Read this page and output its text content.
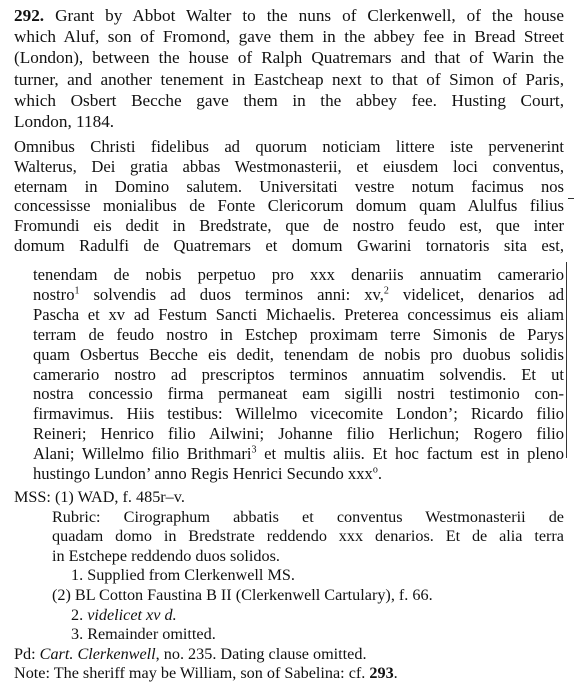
292. Grant by Abbot Walter to the nuns of Clerkenwell, of the house
which Aluf, son of Fromond, gave them in the abbey fee in Bread Street
(London), between the house of Ralph Quatremars and that of Warin the
turner, and another tenement in Eastcheap next to that of Simon of Paris,
which Osbert Becche gave them in the abbey fee. Husting Court,
London, 1184.

Omnibus Christi fidelibus ad quorum noticiam littere iste pervenerint
Walterus, Dei gratia abbas Westmonasterii, et eiusdem loci conventus,
eternam in Domino salutem. Universitati vestre notum facimus nos
concessisse monialibus de Fonte Clericorum domum quam Alulfus filius
Fromundi eis dedit in Bredstrate, que de nostro feudo est, que inter
domum Radulfi de Quatremars et domum Gwarini tornatoris sita est,

tenendam de nobis perpetuo pro xxx denariis annuatim camerario
nostro$^1$ solvendis ad duos terminos anni: xv,$^2$ videlicet, denarios ad
Pascha et xv ad Festum Sancti Michaelis. Preterea concessimus eis aliam
terram de feudo nostro in Estchep proximam terre Simonis de Parys
quam Osbertus Becche eis dedit, tenendam de nobis pro duobus solidis
camerario nostro ad prescriptos terminos annuatim solvendis. Et ut
nostra concessio firma permaneat eam sigilli nostri testimonio con-
firmavimus. Hiis testibus: Willelmo vicecomite London’; Ricardo filio
Reineri; Henrico filio Ailwini; Johanne filio Herlichun; Rogero filio
Alani; Willelmo filio Brithmari$^3$ et multis aliis. Et hoc factum est in pleno
hustingo Lundon’ anno Regis Henrici Secundo xxx$^o$.

MSS: (1) WAD, f. 485r–v.
Rubric: Cirographum abbatis et conventus Westmonasterii de
quadam domo in Bredstrate reddendo xxx denarios. Et de alia terra
in Estchepe reddendo duos solidos.
1. Supplied from Clerkenwell MS.
(2) BL Cotton Faustina B II (Clerkenwell Cartulary), f. 66.
2. videlicet xv d.
3. Remainder omitted.
Pd: Cart. Clerkenwell, no. 235. Dating clause omitted.
Note: The sheriff may be William, son of Sabelina: cf. 293.
